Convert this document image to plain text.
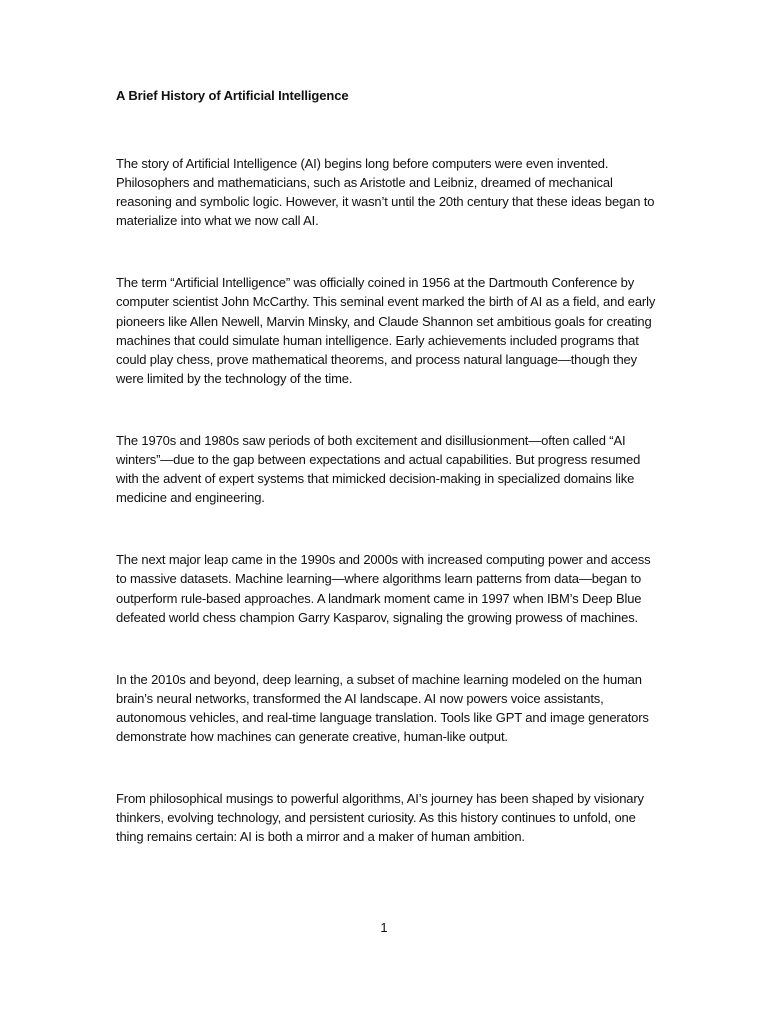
A Brief History of Artificial Intelligence

The story of Artificial Intelligence (AI) begins long before computers were even invented. Philosophers and mathematicians, such as Aristotle and Leibniz, dreamed of mechanical reasoning and symbolic logic. However, it wasn’t until the 20th century that these ideas began to materialize into what we now call AI.

The term “Artificial Intelligence” was officially coined in 1956 at the Dartmouth Conference by computer scientist John McCarthy. This seminal event marked the birth of AI as a field, and early pioneers like Allen Newell, Marvin Minsky, and Claude Shannon set ambitious goals for creating machines that could simulate human intelligence. Early achievements included programs that could play chess, prove mathematical theorems, and process natural language—though they were limited by the technology of the time.

The 1970s and 1980s saw periods of both excitement and disillusionment—often called “AI winters”—due to the gap between expectations and actual capabilities. But progress resumed with the advent of expert systems that mimicked decision-making in specialized domains like medicine and engineering.

The next major leap came in the 1990s and 2000s with increased computing power and access to massive datasets. Machine learning—where algorithms learn patterns from data—began to outperform rule-based approaches. A landmark moment came in 1997 when IBM’s Deep Blue defeated world chess champion Garry Kasparov, signaling the growing prowess of machines.

In the 2010s and beyond, deep learning, a subset of machine learning modeled on the human brain’s neural networks, transformed the AI landscape. AI now powers voice assistants, autonomous vehicles, and real-time language translation. Tools like GPT and image generators demonstrate how machines can generate creative, human-like output.

From philosophical musings to powerful algorithms, AI’s journey has been shaped by visionary thinkers, evolving technology, and persistent curiosity. As this history continues to unfold, one thing remains certain: AI is both a mirror and a maker of human ambition.

1
